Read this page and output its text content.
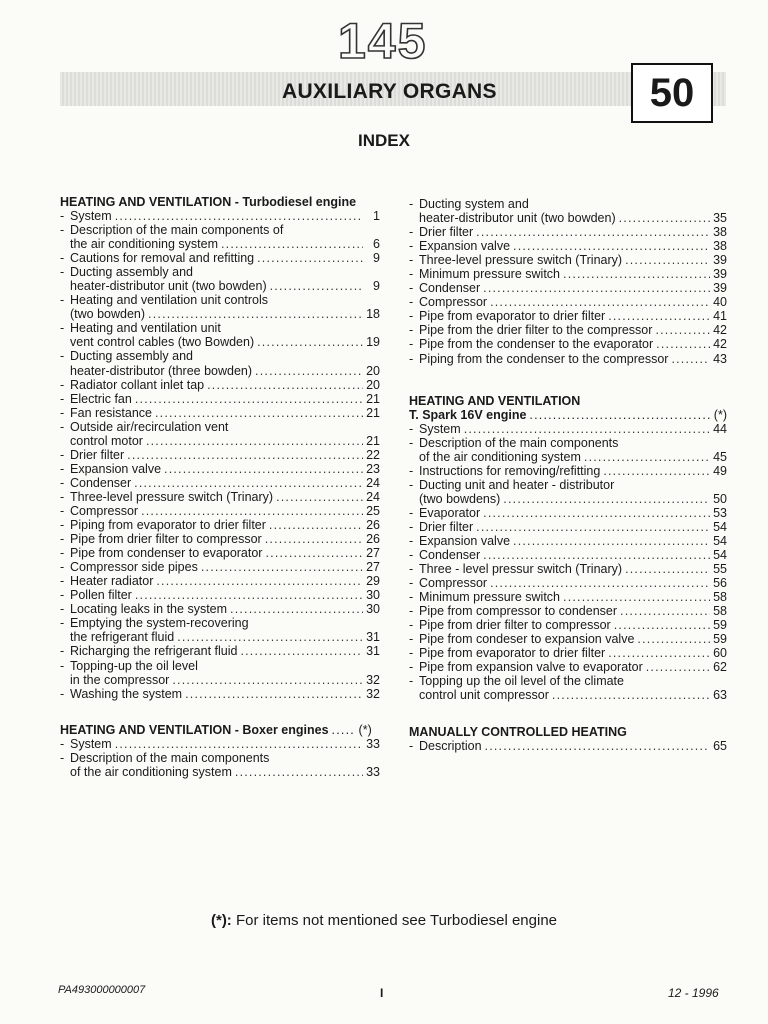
145
AUXILIARY ORGANS	50
INDEX
HEATING AND VENTILATION - Turbodiesel engine
- System .....	1
- Description of the main components of
the air conditioning system .....	6
- Cautions for removal and refitting .....	9
- Ducting assembly and
heater-distributor unit (two bowden) .....	9
- Heating and ventilation unit controls
(two bowden) .....	18
- Heating and ventilation unit
vent control cables (two Bowden) .....	19
- Ducting assembly and
heater-distributor (three bowden) .....	20
- Radiator collant inlet tap .....	20
- Electric fan .....	21
- Fan resistance .....	21
- Outside air/recirculation vent
control motor .....	21
- Drier filter .....	22
- Expansion valve .....	23
- Condenser .....	24
- Three-level pressure switch (Trinary) .....	24
- Compressor .....	25
- Piping from evaporator to drier filter .....	26
- Pipe from drier filter to compressor .....	26
- Pipe from condenser to evaporator .....	27
- Compressor side pipes .....	27
- Heater radiator .....	29
- Pollen filter .....	30
- Locating leaks in the system .....	30
- Emptying the system-recovering
the refrigerant fluid .....	31
- Richarging the refrigerant fluid .....	31
- Topping-up the oil level
in the compressor .....	32
- Washing the system .....	32
HEATING AND VENTILATION - Boxer engines ..... (*)
- System .....	33
- Description of the main components
of the air conditioning system .....	33
- Ducting system and
heater-distributor unit (two bowden) .....	35
- Drier filter .....	38
- Expansion valve .....	38
- Three-level pressure switch (Trinary) .....	39
- Minimum pressure switch .....	39
- Condenser .....	39
- Compressor .....	40
- Pipe from evaporator to drier filter .....	41
- Pipe from the drier filter to the compressor .....	42
- Pipe from the condenser to the evaporator .....	42
- Piping from the condenser to the compressor .....	43
HEATING AND VENTILATION
T. Spark 16V engine .....	(*)
- System .....	44
- Description of the main components
of the air conditioning system .....	45
- Instructions for removing/refitting .....	49
- Ducting unit and heater - distributor
(two bowdens) .....	50
- Evaporator .....	53
- Drier filter .....	54
- Expansion valve .....	54
- Condenser .....	54
- Three - level pressur switch (Trinary) .....	55
- Compressor .....	56
- Minimum pressure switch .....	58
- Pipe from compressor to condenser .....	58
- Pipe from drier filter to compressor .....	59
- Pipe from condeser to expansion valve .....	59
- Pipe from evaporator to drier filter .....	60
- Pipe from expansion valve to evaporator .....	62
- Topping up the oil level of the climate
control unit compressor .....	63
MANUALLY CONTROLLED HEATING
- Description .....	65
(*): For items not mentioned see Turbodiesel engine
PA493000000007	I	12 - 1996
